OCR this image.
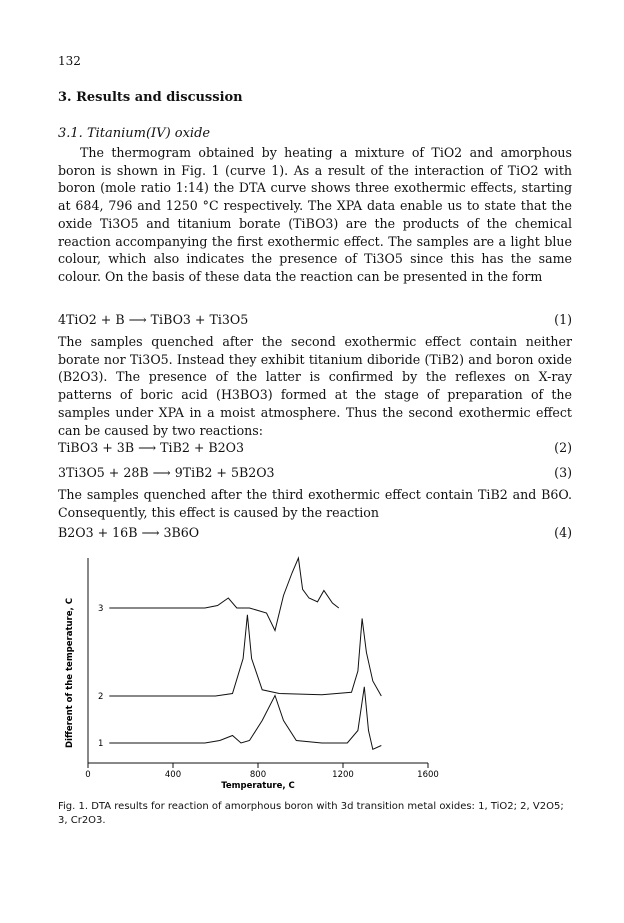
132
3. Results and discussion
3.1. Titanium(IV) oxide

The thermogram obtained by heating a mixture of TiO2 and amorphous boron is shown in Fig. 1 (curve 1). As a result of the interaction of TiO2 with boron (mole ratio 1:14) the DTA curve shows three exothermic effects, starting at 684, 796 and 1250 °C respectively. The XPA data enable us to state that the oxide Ti3O5 and titanium borate (TiBO3) are the products of the chemical reaction accompanying the first exothermic effect. The samples are a light blue colour, which also indicates the presence of Ti3O5 since this has the same colour. On the basis of these data the reaction can be presented in the form

4TiO2 + B ⟶ TiBO3 + Ti3O5	(1)

The samples quenched after the second exothermic effect contain neither borate nor Ti3O5. Instead they exhibit titanium diboride (TiB2) and boron oxide (B2O3). The presence of the latter is confirmed by the reflexes on X-ray patterns of boric acid (H3BO3) formed at the stage of preparation of the samples under XPA in a moist atmosphere. Thus the second exothermic effect can be caused by two reactions:

TiBO3 + 3B ⟶ TiB2 + B2O3	(2)
3Ti3O5 + 28B ⟶ 9TiB2 + 5B2O3	(3)

The samples quenched after the third exothermic effect contain TiB2 and B6O. Consequently, this effect is caused by the reaction

B2O3 + 16B ⟶ 3B6O	(4)
Different of the temperature, C
Temperature, C
0	400	800	1200	1600
1
2
3
Fig. 1. DTA results for reaction of amorphous boron with 3d transition metal oxides: 1, TiO2; 2, V2O5; 3, Cr2O3.
